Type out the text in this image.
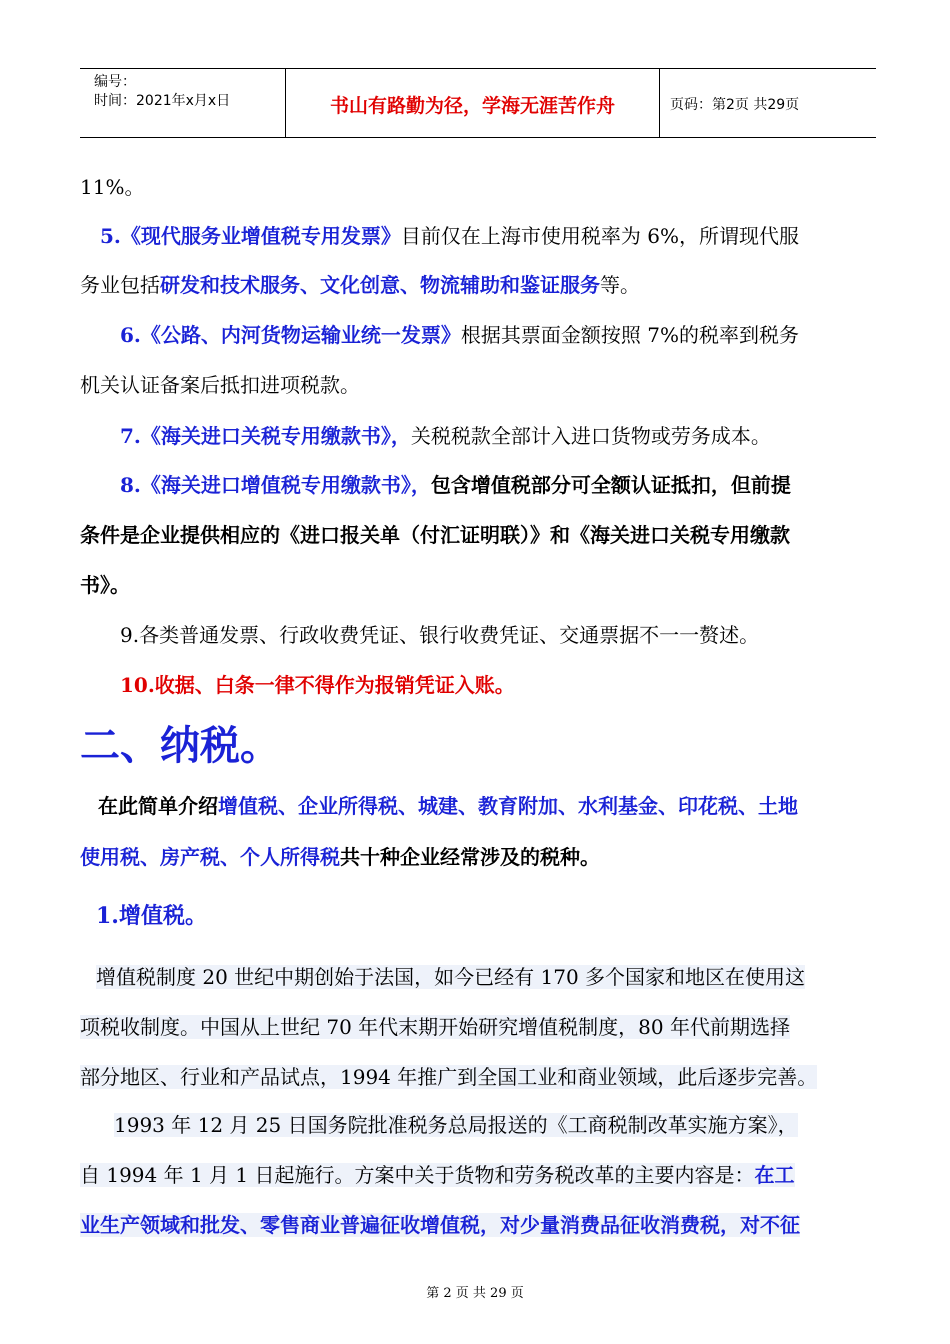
编号：
时间：2021年x月x日	书山有路勤为径，学海无涯苦作舟	页码：第2页 共29页
11%。
5.《现代服务业增值税专用发票》目前仅在上海市使用税率为 6%，所谓现代服
务业包括研发和技术服务、文化创意、物流辅助和鉴证服务等。
6.《公路、内河货物运输业统一发票》根据其票面金额按照 7%的税率到税务
机关认证备案后抵扣进项税款。
7.《海关进口关税专用缴款书》，关税税款全部计入进口货物或劳务成本。
8.《海关进口增值税专用缴款书》，包含增值税部分可全额认证抵扣，但前提
条件是企业提供相应的《进口报关单（付汇证明联）》和《海关进口关税专用缴款
书》。
9.各类普通发票、行政收费凭证、银行收费凭证、交通票据不一一赘述。
10.收据、白条一律不得作为报销凭证入账。
二、纳税。
在此简单介绍增值税、企业所得税、城建、教育附加、水利基金、印花税、土地
使用税、房产税、个人所得税共十种企业经常涉及的税种。
1.增值税。
增值税制度 20 世纪中期创始于法国，如今已经有 170 多个国家和地区在使用这
项税收制度。中国从上世纪 70 年代末期开始研究增值税制度，80 年代前期选择
部分地区、行业和产品试点，1994 年推广到全国工业和商业领域，此后逐步完善。
1993 年 12 月 25 日国务院批准税务总局报送的《工商税制改革实施方案》，
自 1994 年 1 月 1 日起施行。方案中关于货物和劳务税改革的主要内容是：在工
业生产领域和批发、零售商业普遍征收增值税，对少量消费品征收消费税，对不征
第 2 页 共 29 页
